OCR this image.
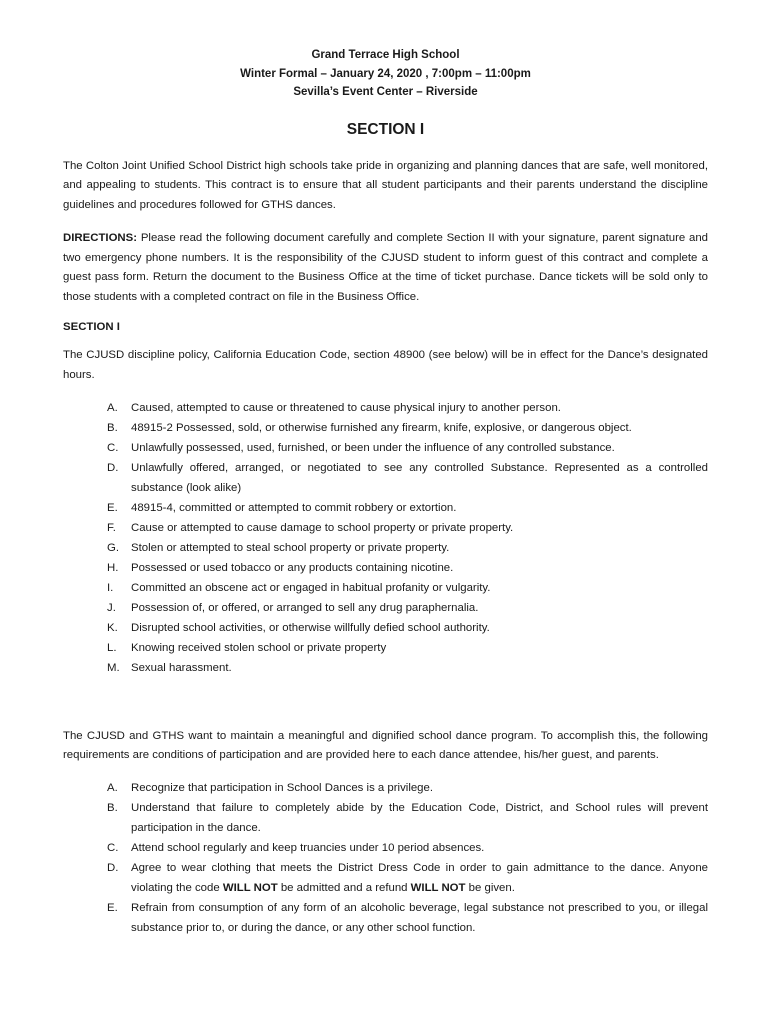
Grand Terrace High School
Winter Formal – January 24, 2020 , 7:00pm – 11:00pm
Sevilla’s Event Center – Riverside
SECTION I

The Colton Joint Unified School District high schools take pride in organizing and planning dances that are safe, well monitored, and appealing to students. This contract is to ensure that all student participants and their parents understand the discipline guidelines and procedures followed for GTHS dances.

DIRECTIONS: Please read the following document carefully and complete Section II with your signature, parent signature and two emergency phone numbers. It is the responsibility of the CJUSD student to inform guest of this contract and complete a guest pass form. Return the document to the Business Office at the time of ticket purchase. Dance tickets will be sold only to those students with a completed contract on file in the Business Office.

SECTION I

The CJUSD discipline policy, California Education Code, section 48900 (see below) will be in effect for the Dance’s designated hours.

A. Caused, attempted to cause or threatened to cause physical injury to another person.
B. 48915-2 Possessed, sold, or otherwise furnished any firearm, knife, explosive, or dangerous object.
C. Unlawfully possessed, used, furnished, or been under the influence of any controlled substance.
D. Unlawfully offered, arranged, or negotiated to see any controlled Substance. Represented as a controlled substance (look alike)
E. 48915-4, committed or attempted to commit robbery or extortion.
F. Cause or attempted to cause damage to school property or private property.
G. Stolen or attempted to steal school property or private property.
H. Possessed or used tobacco or any products containing nicotine.
I. Committed an obscene act or engaged in habitual profanity or vulgarity.
J. Possession of, or offered, or arranged to sell any drug paraphernalia.
K. Disrupted school activities, or otherwise willfully defied school authority.
L. Knowing received stolen school or private property
M. Sexual harassment.

The CJUSD and GTHS want to maintain a meaningful and dignified school dance program. To accomplish this, the following requirements are conditions of participation and are provided here to each dance attendee, his/her guest, and parents.

A. Recognize that participation in School Dances is a privilege.
B. Understand that failure to completely abide by the Education Code, District, and School rules will prevent participation in the dance.
C. Attend school regularly and keep truancies under 10 period absences.
D. Agree to wear clothing that meets the District Dress Code in order to gain admittance to the dance. Anyone violating the code WILL NOT be admitted and a refund WILL NOT be given.
E. Refrain from consumption of any form of an alcoholic beverage, legal substance not prescribed to you, or illegal substance prior to, or during the dance, or any other school function.
